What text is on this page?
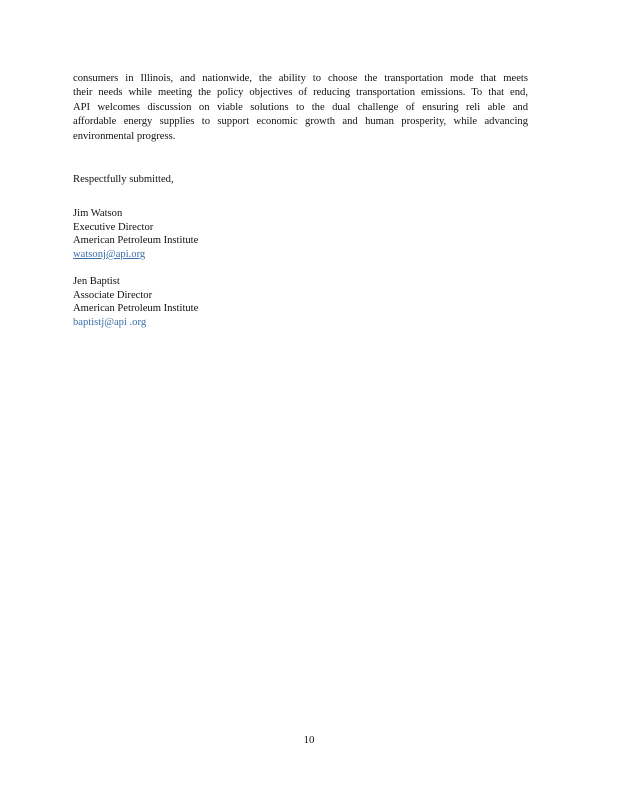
consumers in Illinois, and nationwide, the ability to choose the transportation mode that meets
their needs while meeting the policy objectives of reducing transportation emissions. To that end,
API welcomes discussion on viable solutions to the dual challenge of ensuring reli able and
affordable energy supplies to support economic growth and human prosperity, while advancing
environmental progress.
Respectfully submitted,
Jim Watson
Executive Director
American Petroleum Institute
watsonj@api.org
Jen Baptist
Associate Director
American Petroleum Institute
baptistj@api .org
10
